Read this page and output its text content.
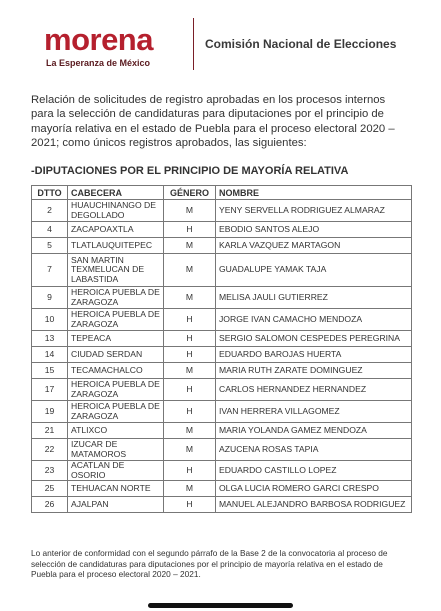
morena
La Esperanza de México
Comisión Nacional de Elecciones

Relación de solicitudes de registro aprobadas en los procesos internos para la selección de candidaturas para diputaciones por el principio de mayoría relativa en el estado de Puebla para el proceso electoral 2020 – 2021; como únicos registros aprobados, las siguientes:

-DIPUTACIONES POR EL PRINCIPIO DE MAYORÍA RELATIVA

DTTO	CABECERA	GÉNERO	NOMBRE
2	HUAUCHINANGO DE DEGOLLADO	M	YENY SERVELLA RODRIGUEZ ALMARAZ
4	ZACAPOAXTLA	H	EBODIO SANTOS ALEJO
5	TLATLAUQUITEPEC	M	KARLA VAZQUEZ MARTAGON
7	SAN MARTIN TEXMELUCAN DE LABASTIDA	M	GUADALUPE YAMAK TAJA
9	HEROICA PUEBLA DE ZARAGOZA	M	MELISA JAULI GUTIERREZ
10	HEROICA PUEBLA DE ZARAGOZA	H	JORGE IVAN CAMACHO MENDOZA
13	TEPEACA	H	SERGIO SALOMON CESPEDES PEREGRINA
14	CIUDAD SERDAN	H	EDUARDO BAROJAS HUERTA
15	TECAMACHALCO	M	MARIA RUTH ZARATE DOMINGUEZ
17	HEROICA PUEBLA DE ZARAGOZA	H	CARLOS HERNANDEZ HERNANDEZ
19	HEROICA PUEBLA DE ZARAGOZA	H	IVAN HERRERA VILLAGOMEZ
21	ATLIXCO	M	MARIA YOLANDA GAMEZ MENDOZA
22	IZUCAR DE MATAMOROS	M	AZUCENA ROSAS TAPIA
23	ACATLAN DE OSORIO	H	EDUARDO CASTILLO LOPEZ
25	TEHUACAN NORTE	M	OLGA LUCIA ROMERO GARCI CRESPO
26	AJALPAN	H	MANUEL ALEJANDRO BARBOSA RODRIGUEZ

Lo anterior de conformidad con el segundo párrafo de la Base 2 de la convocatoria al proceso de selección de candidaturas para diputaciones por el principio de mayoría relativa en el estado de Puebla para el proceso electoral 2020 – 2021.
